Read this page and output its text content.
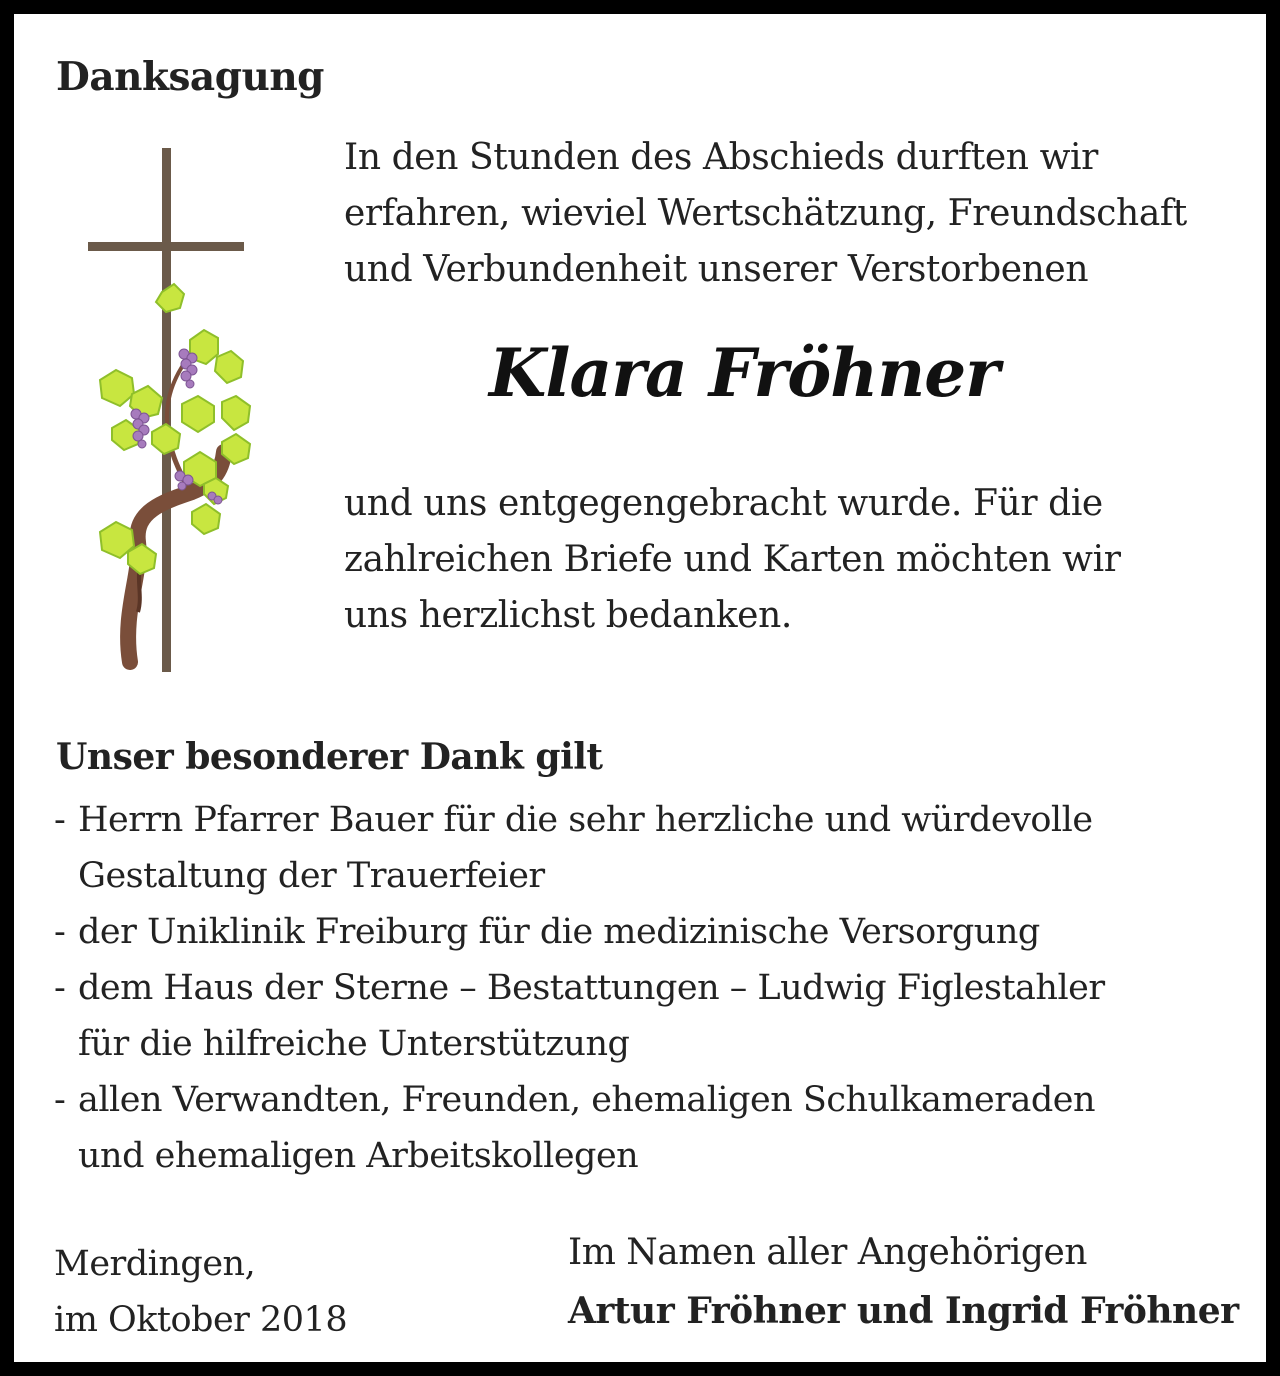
Danksagung
In den Stunden des Abschieds durften wir
erfahren, wieviel Wertschätzung, Freundschaft
und Verbundenheit unserer Verstorbenen
Klara Fröhner
und uns entgegengebracht wurde. Für die
zahlreichen Briefe und Karten möchten wir
uns herzlichst bedanken.
Unser besonderer Dank gilt
- Herrn Pfarrer Bauer für die sehr herzliche und würdevolle
Gestaltung der Trauerfeier
- der Uniklinik Freiburg für die medizinische Versorgung
- dem Haus der Sterne – Bestattungen – Ludwig Figlestahler
für die hilfreiche Unterstützung
- allen Verwandten, Freunden, ehemaligen Schulkameraden
und ehemaligen Arbeitskollegen
Merdingen,
im Oktober 2018
Im Namen aller Angehörigen
Artur Fröhner und Ingrid Fröhner
